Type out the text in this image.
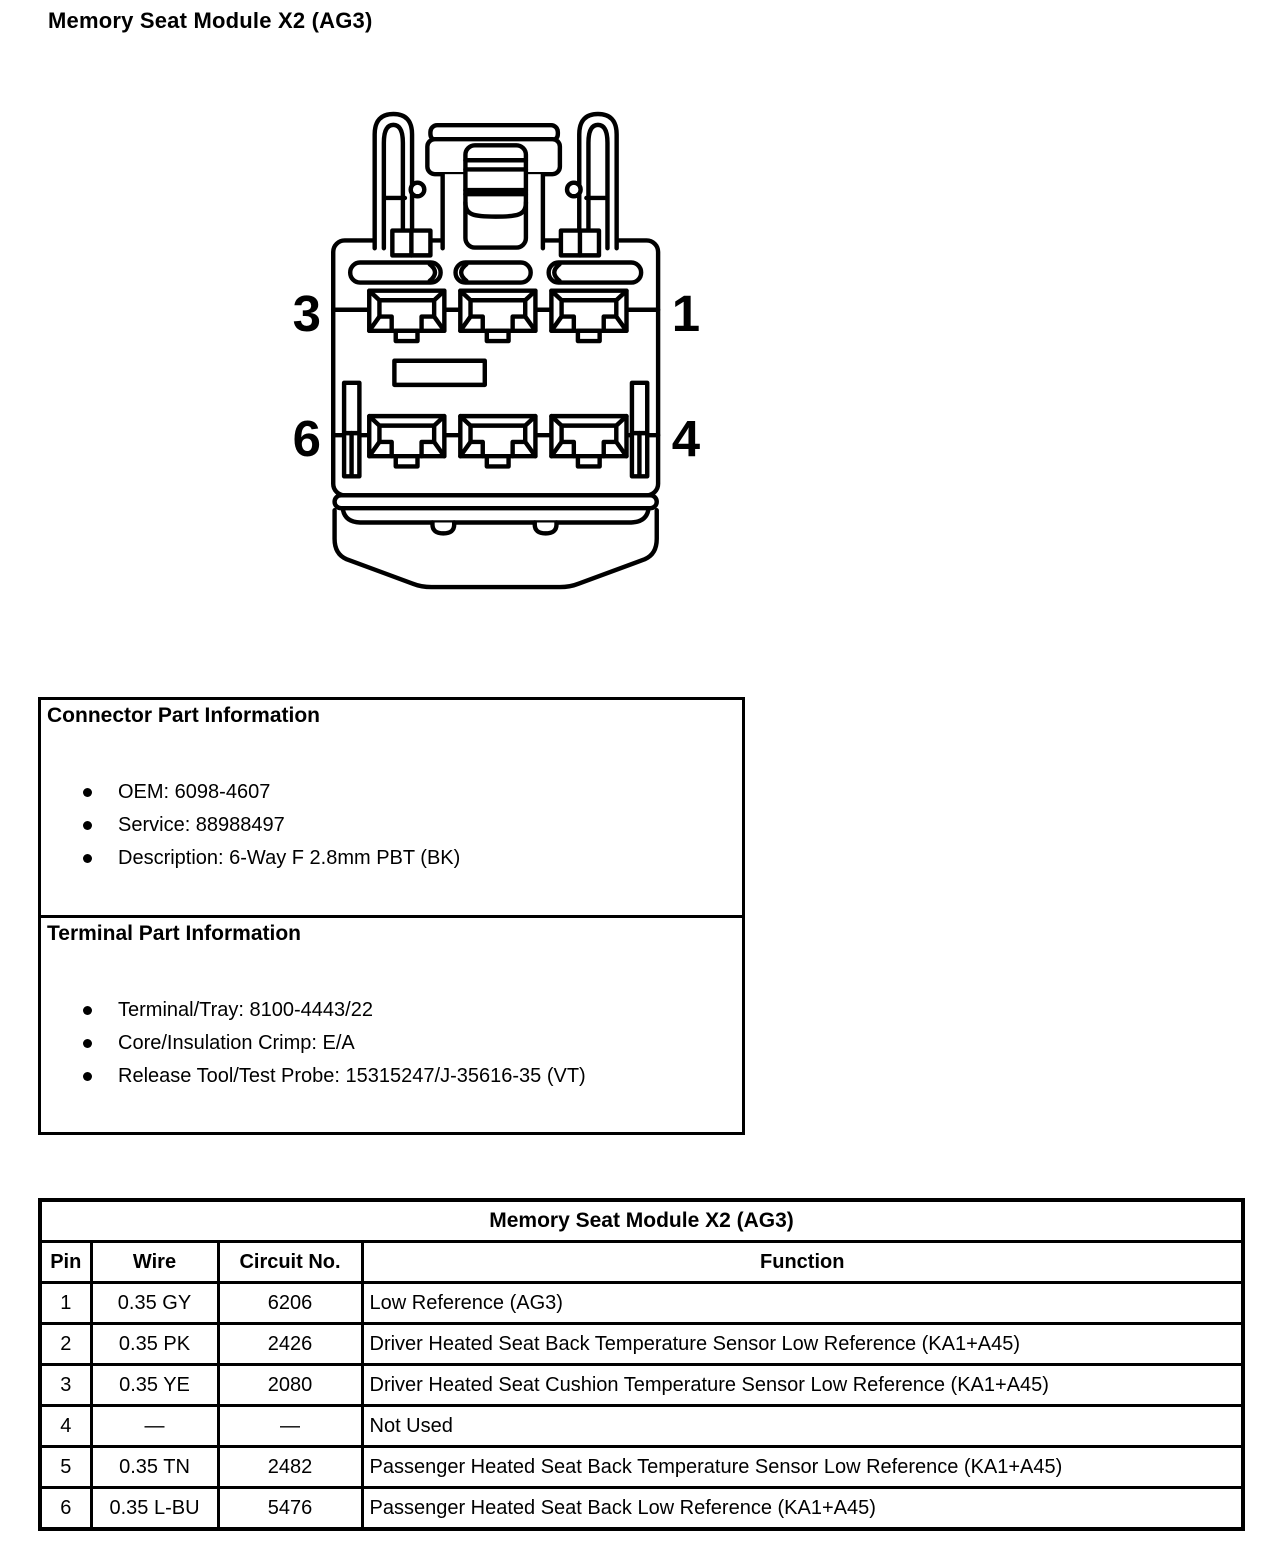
Memory Seat Module X2 (AG3)
3 1
6 4
Connector Part Information
OEM: 6098-4607
Service: 88988497
Description: 6-Way F 2.8mm PBT (BK)
Terminal Part Information
Terminal/Tray: 8100-4443/22
Core/Insulation Crimp: E/A
Release Tool/Test Probe: 15315247/J-35616-35 (VT)
Memory Seat Module X2 (AG3)			
Pin	Wire	Circuit No.	Function
1	0.35 GY	6206	Low Reference (AG3)
2	0.35 PK	2426	Driver Heated Seat Back Temperature Sensor Low Reference (KA1+A45)
3	0.35 YE	2080	Driver Heated Seat Cushion Temperature Sensor Low Reference (KA1+A45)
4	—	—	Not Used
5	0.35 TN	2482	Passenger Heated Seat Back Temperature Sensor Low Reference (KA1+A45)
6	0.35 L-BU	5476	Passenger Heated Seat Back Low Reference (KA1+A45)
